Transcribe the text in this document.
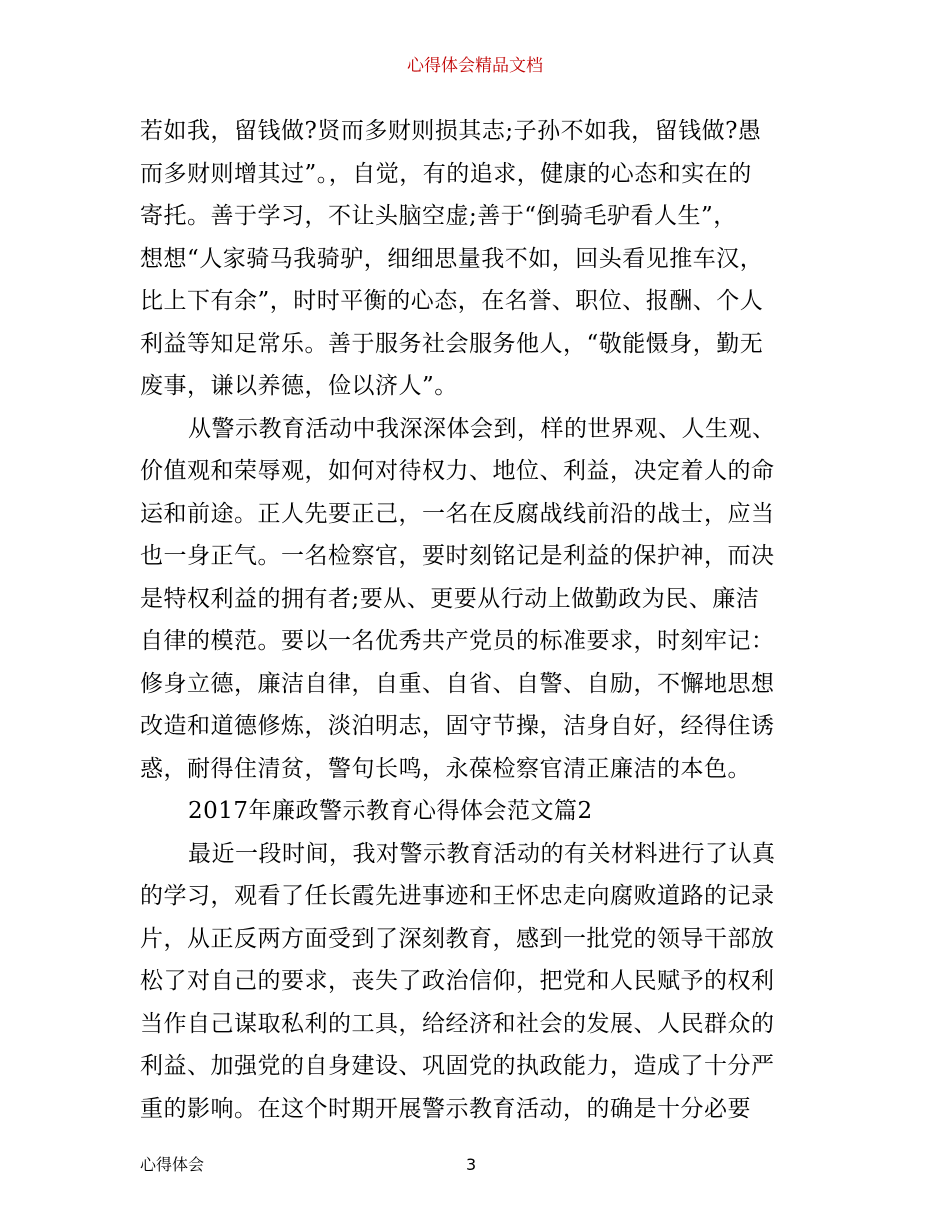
心得体会精品文档
若如我，留钱做?贤而多财则损其志;子孙不如我，留钱做?愚
而多财则增其过”。，自觉，有的追求，健康的心态和实在的
寄托。善于学习，不让头脑空虚;善于“倒骑毛驴看人生”，
想想“人家骑马我骑驴，细细思量我不如，回头看见推车汉，
比上下有余”，时时平衡的心态，在名誉、职位、报酬、个人
利益等知足常乐。善于服务社会服务他人，“敬能慑身，勤无
废事，谦以养德，俭以济人”。
从警示教育活动中我深深体会到，样的世界观、人生观、
价值观和荣辱观，如何对待权力、地位、利益，决定着人的命
运和前途。正人先要正己，一名在反腐战线前沿的战士，应当
也一身正气。一名检察官，要时刻铭记是利益的保护神，而决
是特权利益的拥有者;要从、更要从行动上做勤政为民、廉洁
自律的模范。要以一名优秀共产党员的标准要求，时刻牢记：
修身立德，廉洁自律，自重、自省、自警、自励，不懈地思想
改造和道德修炼，淡泊明志，固守节操，洁身自好，经得住诱
惑，耐得住清贫，警句长鸣，永葆检察官清正廉洁的本色。
2017年廉政警示教育心得体会范文篇2
最近一段时间，我对警示教育活动的有关材料进行了认真
的学习，观看了任长霞先进事迹和王怀忠走向腐败道路的记录
片，从正反两方面受到了深刻教育，感到一批党的领导干部放
松了对自己的要求，丧失了政治信仰，把党和人民赋予的权利
当作自己谋取私利的工具，给经济和社会的发展、人民群众的
利益、加强党的自身建设、巩固党的执政能力，造成了十分严
重的影响。在这个时期开展警示教育活动，的确是十分必要
心得体会	3
